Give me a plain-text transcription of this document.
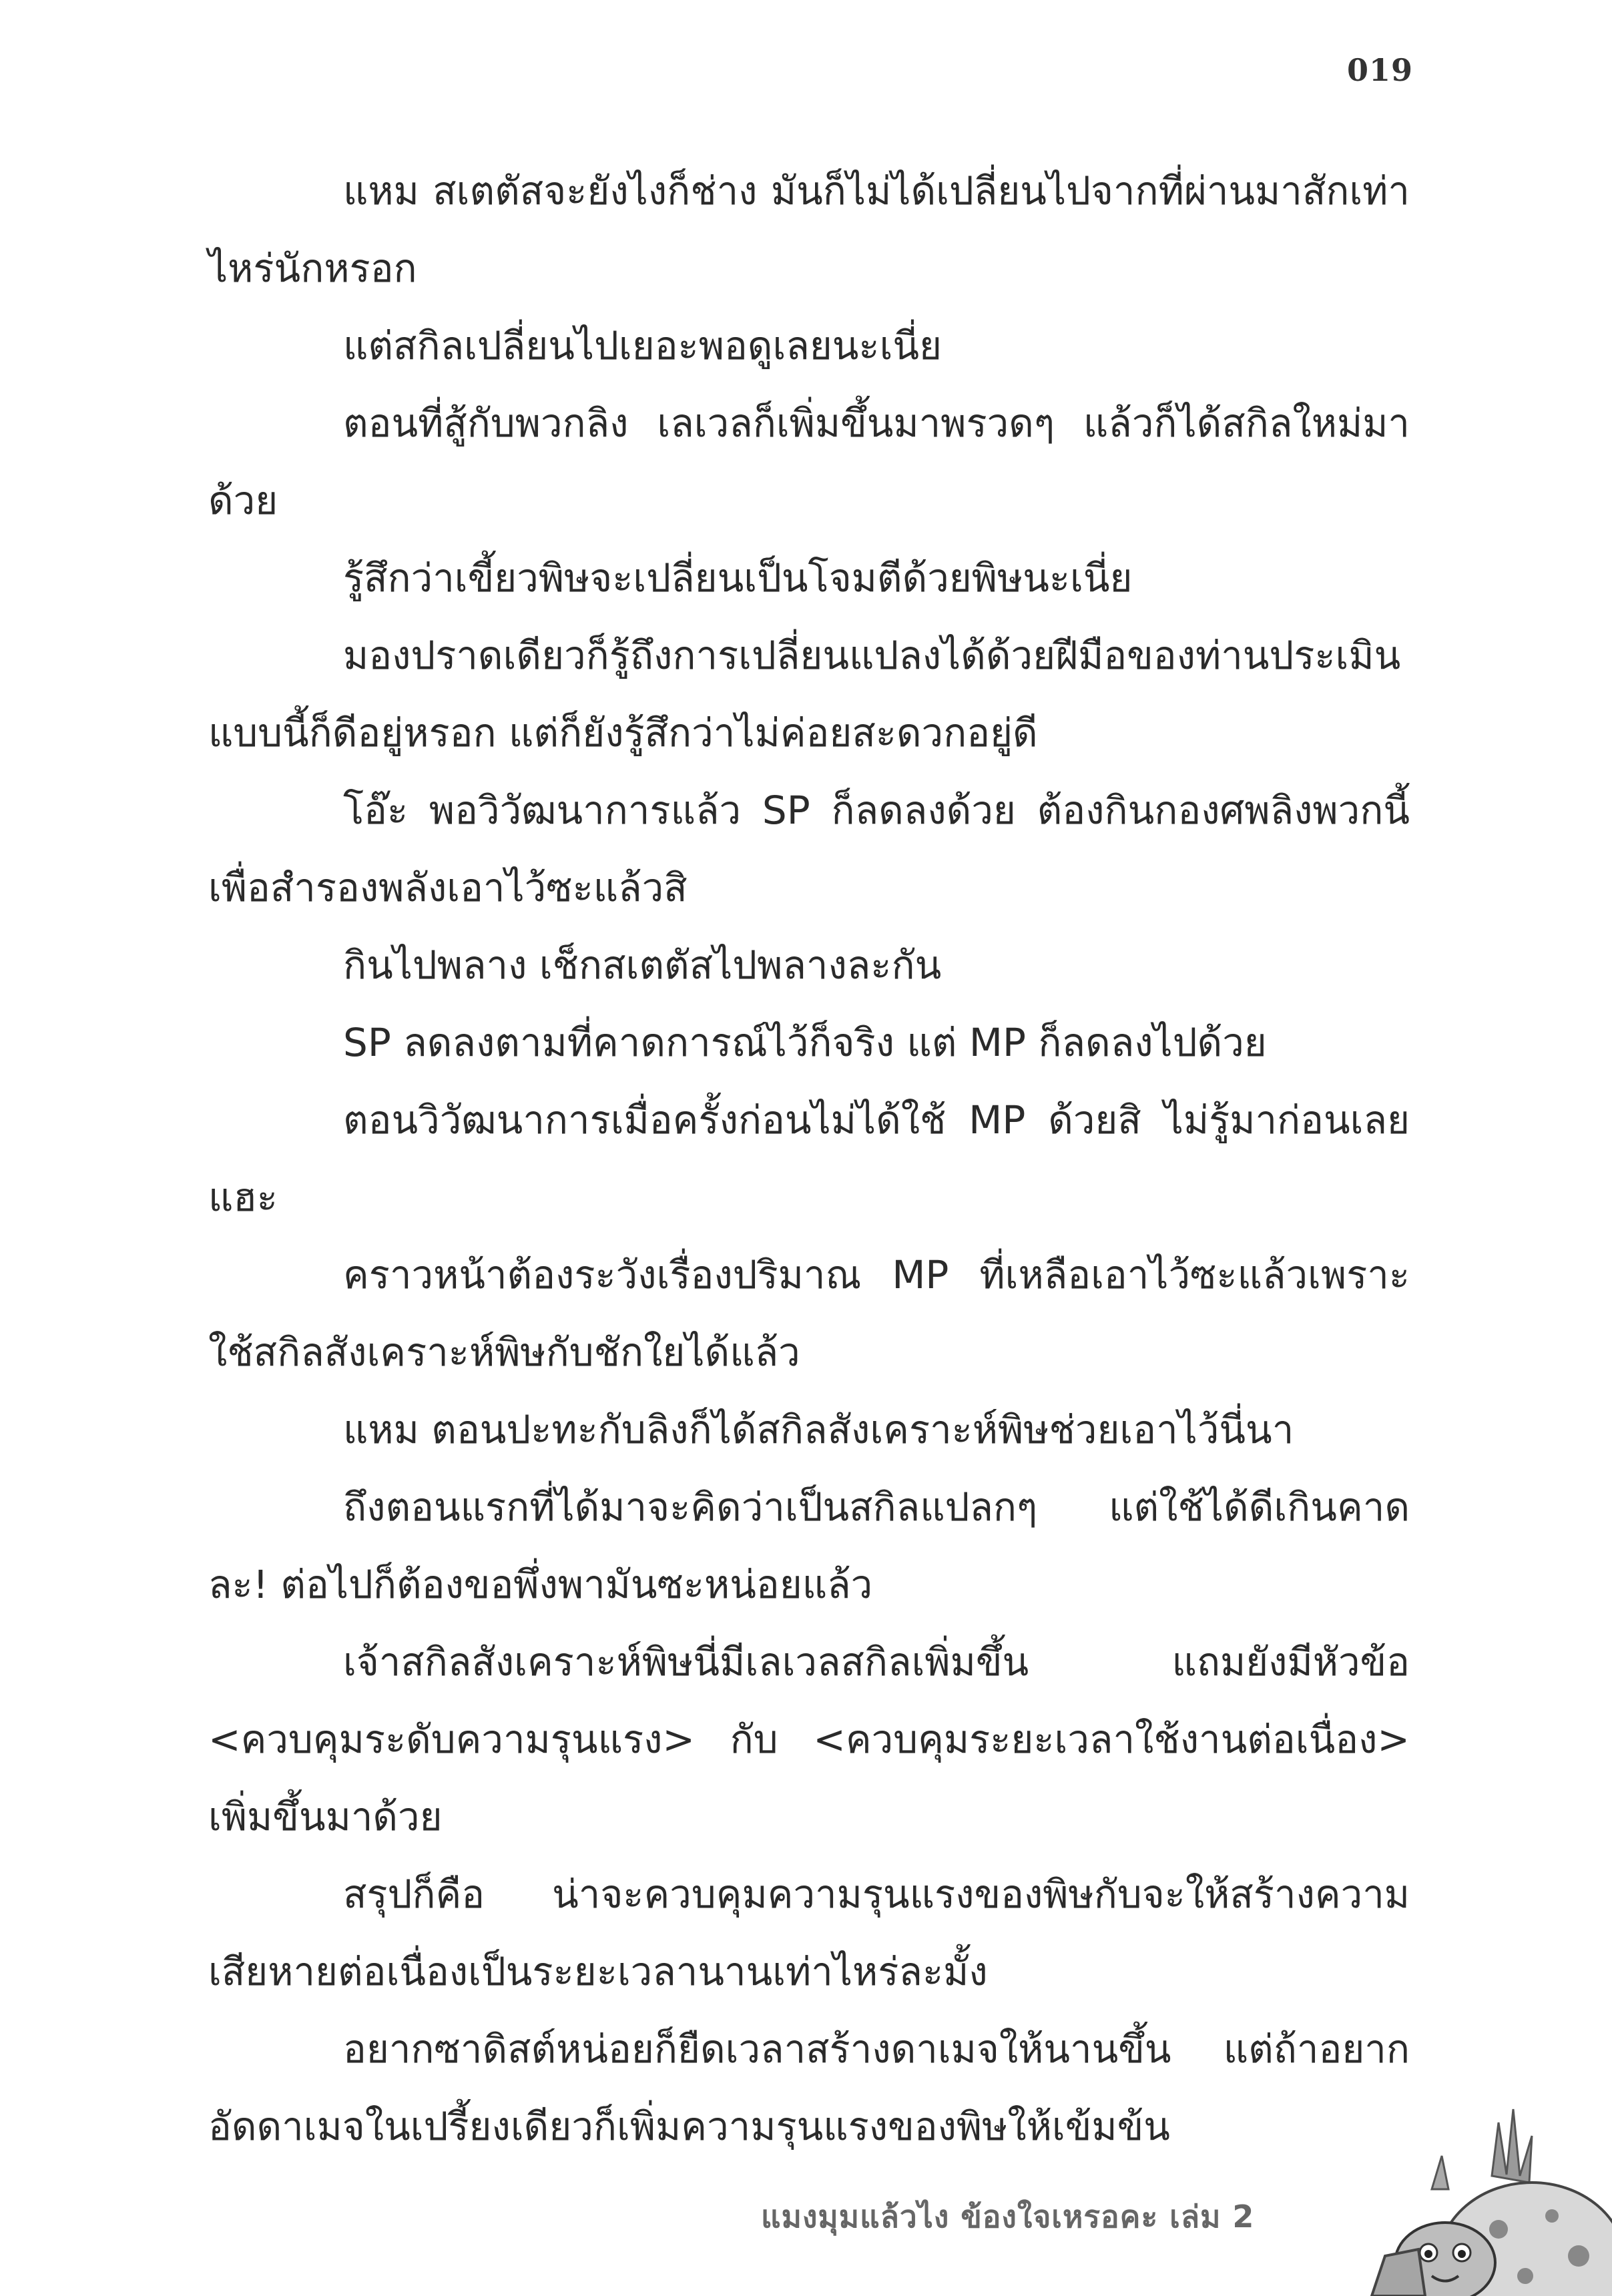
019

แหม สเตตัสจะยังไงก็ช่าง มันก็ไม่ได้เปลี่ยนไปจากที่ผ่านมาสักเท่าไหร่นักหรอก

แต่สกิลเปลี่ยนไปเยอะพอดูเลยนะเนี่ย

ตอนที่สู้กับพวกลิง เลเวลก็เพิ่มขึ้นมาพรวดๆ แล้วก็ได้สกิลใหม่มาด้วย

รู้สึกว่าเขี้ยวพิษจะเปลี่ยนเป็นโจมตีด้วยพิษนะเนี่ย

มองปราดเดียวก็รู้ถึงการเปลี่ยนแปลงได้ด้วยฝีมือของท่านประเมินแบบนี้ก็ดีอยู่หรอก แต่ก็ยังรู้สึกว่าไม่ค่อยสะดวกอยู่ดี

โอ๊ะ พอวิวัฒนาการแล้ว SP ก็ลดลงด้วย ต้องกินกองศพลิงพวกนี้เพื่อสำรองพลังเอาไว้ซะแล้วสิ

กินไปพลาง เช็กสเตตัสไปพลางละกัน

SP ลดลงตามที่คาดการณ์ไว้ก็จริง แต่ MP ก็ลดลงไปด้วย

ตอนวิวัฒนาการเมื่อครั้งก่อนไม่ได้ใช้ MP ด้วยสิ ไม่รู้มาก่อนเลยแฮะ

คราวหน้าต้องระวังเรื่องปริมาณ MP ที่เหลือเอาไว้ซะแล้วเพราะใช้สกิลสังเคราะห์พิษกับชักใยได้แล้ว

แหม ตอนปะทะกับลิงก็ได้สกิลสังเคราะห์พิษช่วยเอาไว้นี่นา

ถึงตอนแรกที่ได้มาจะคิดว่าเป็นสกิลแปลกๆ แต่ใช้ได้ดีเกินคาดละ! ต่อไปก็ต้องขอพึ่งพามันซะหน่อยแล้ว

เจ้าสกิลสังเคราะห์พิษนี่มีเลเวลสกิลเพิ่มขึ้น แถมยังมีหัวข้อ <ควบคุมระดับความรุนแรง> กับ <ควบคุมระยะเวลาใช้งานต่อเนื่อง> เพิ่มขึ้นมาด้วย

สรุปก็คือ น่าจะควบคุมความรุนแรงของพิษกับจะให้สร้างความเสียหายต่อเนื่องเป็นระยะเวลานานเท่าไหร่ละมั้ง

อยากซาดิสต์หน่อยก็ยืดเวลาสร้างดาเมจให้นานขึ้น แต่ถ้าอยากอัดดาเมจในเปรี้ยงเดียวก็เพิ่มความรุนแรงของพิษให้เข้มข้น

แมงมุมแล้วไง ข้องใจเหรอคะ เล่ม 2
